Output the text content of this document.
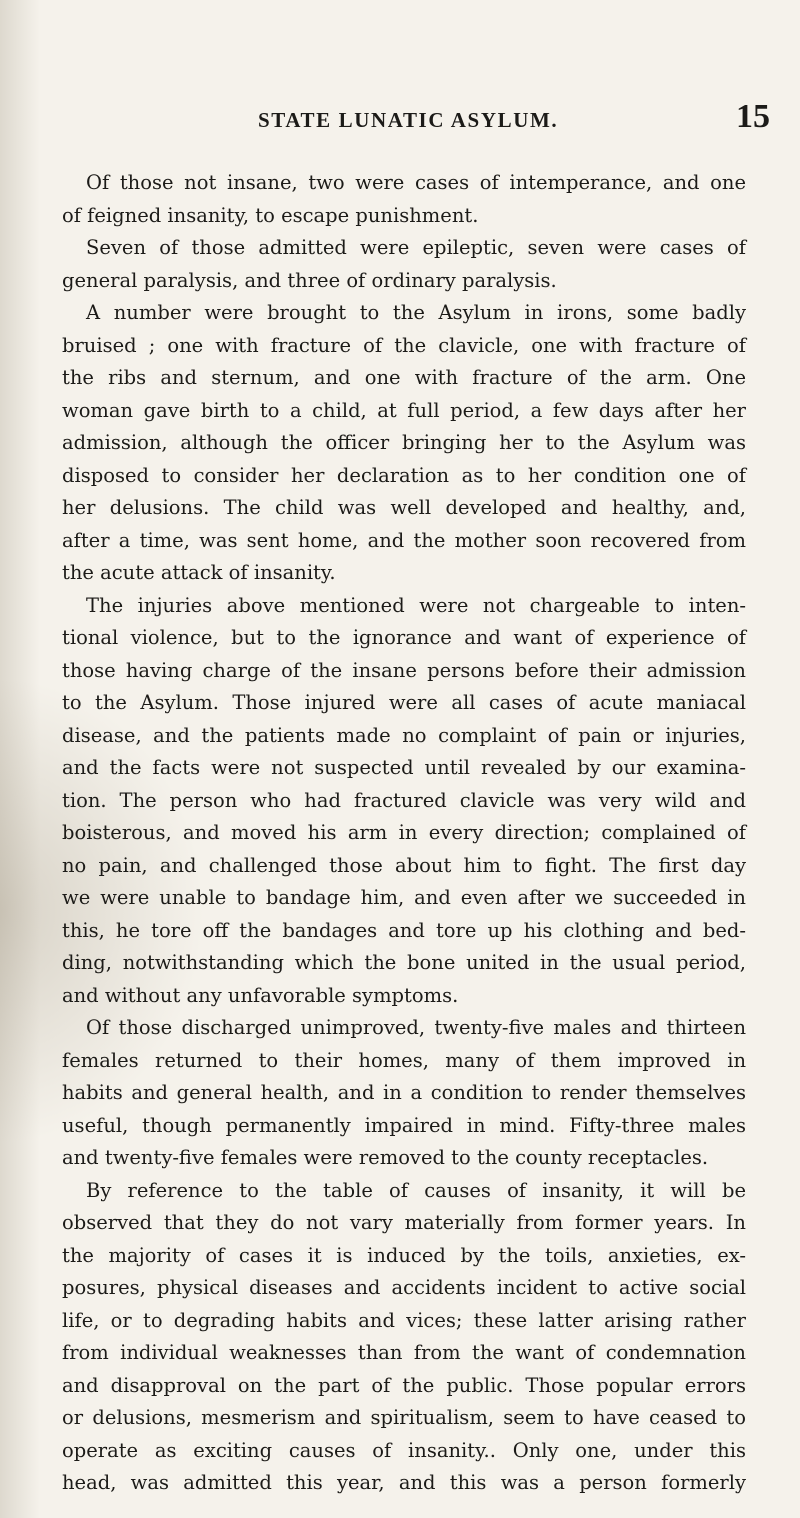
STATE LUNATIC ASYLUM.	15
Of those not insane, two were cases of intemperance, and one
of feigned insanity, to escape punishment.
Seven of those admitted were epileptic, seven were cases of
general paralysis, and three of ordinary paralysis.
A number were brought to the Asylum in irons, some badly
bruised ; one with fracture of the clavicle, one with fracture of
the ribs and sternum, and one with fracture of the arm. One
woman gave birth to a child, at full period, a few days after her
admission, although the officer bringing her to the Asylum was
disposed to consider her declaration as to her condition one of
her delusions. The child was well developed and healthy, and,
after a time, was sent home, and the mother soon recovered from
the acute attack of insanity.
The injuries above mentioned were not chargeable to inten-
tional violence, but to the ignorance and want of experience of
those having charge of the insane persons before their admission
to the Asylum. Those injured were all cases of acute maniacal
disease, and the patients made no complaint of pain or injuries,
and the facts were not suspected until revealed by our examina-
tion. The person who had fractured clavicle was very wild and
boisterous, and moved his arm in every direction; complained of
no pain, and challenged those about him to fight. The first day
we were unable to bandage him, and even after we succeeded in
this, he tore off the bandages and tore up his clothing and bed-
ding, notwithstanding which the bone united in the usual period,
and without any unfavorable symptoms.
Of those discharged unimproved, twenty-five males and thirteen
females returned to their homes, many of them improved in
habits and general health, and in a condition to render themselves
useful, though permanently impaired in mind. Fifty-three males
and twenty-five females were removed to the county receptacles.
By reference to the table of causes of insanity, it will be
observed that they do not vary materially from former years. In
the majority of cases it is induced by the toils, anxieties, ex-
posures, physical diseases and accidents incident to active social
life, or to degrading habits and vices; these latter arising rather
from individual weaknesses than from the want of condemnation
and disapproval on the part of the public. Those popular errors
or delusions, mesmerism and spiritualism, seem to have ceased to
operate as exciting causes of insanity.. Only one, under this
head, was admitted this year, and this was a person formerly
